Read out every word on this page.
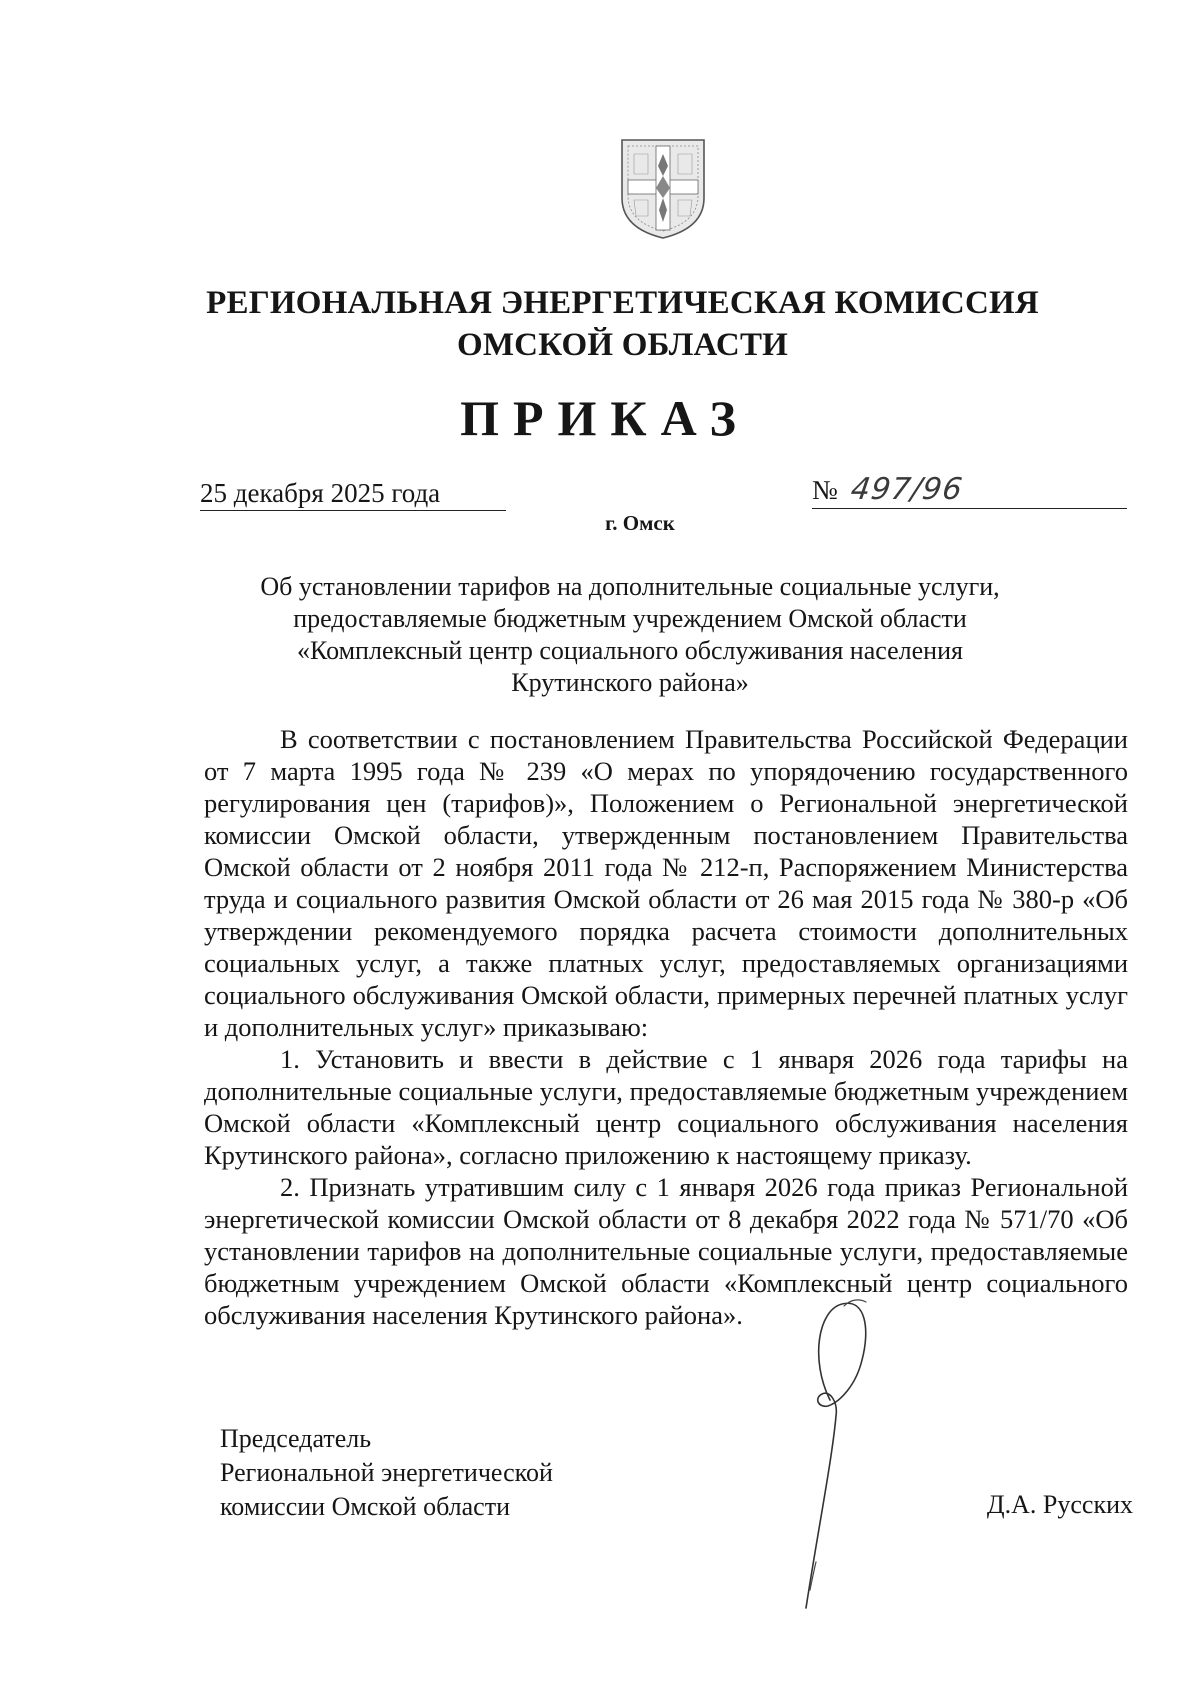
РЕГИОНАЛЬНАЯ ЭНЕРГЕТИЧЕСКАЯ КОМИССИЯ
ОМСКОЙ ОБЛАСТИ
ПРИКАЗ
25 декабря 2025 года	№ 497/96
г. Омск
Об установлении тарифов на дополнительные социальные услуги,
предоставляемые бюджетным учреждением Омской области
«Комплексный центр социального обслуживания населения
Крутинского района»

В соответствии с постановлением Правительства Российской Федерации от 7 марта 1995 года № 239 «О мерах по упорядочению государственного регулирования цен (тарифов)», Положением о Региональной энергетической комиссии Омской области, утвержденным постановлением Правительства Омской области от 2 ноября 2011 года № 212-п, Распоряжением Министерства труда и социального развития Омской области от 26 мая 2015 года № 380-р «Об утверждении рекомендуемого порядка расчета стоимости дополнительных социальных услуг, а также платных услуг, предоставляемых организациями социального обслуживания Омской области, примерных перечней платных услуг и дополнительных услуг» приказываю:

1. Установить и ввести в действие с 1 января 2026 года тарифы на дополнительные социальные услуги, предоставляемые бюджетным учреждением Омской области «Комплексный центр социального обслуживания населения Крутинского района», согласно приложению к настоящему приказу.

2. Признать утратившим силу с 1 января 2026 года приказ Региональной энергетической комиссии Омской области от 8 декабря 2022 года № 571/70 «Об установлении тарифов на дополнительные социальные услуги, предоставляемые бюджетным учреждением Омской области «Комплексный центр социального обслуживания населения Крутинского района».

Председатель
Региональной энергетической
комиссии Омской области	Д.А. Русских
